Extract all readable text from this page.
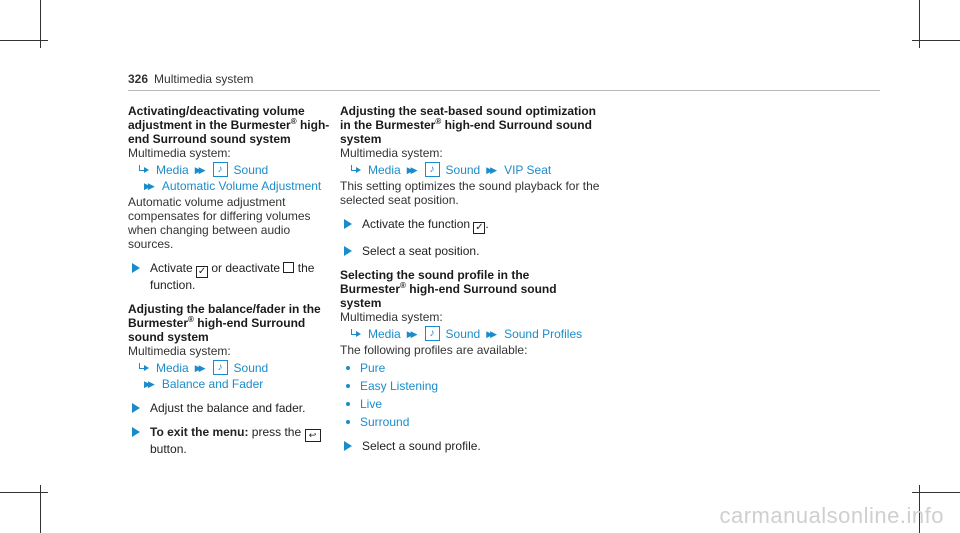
326 Multimedia system
Activating/deactivating volume adjustment in the Burmester® high-end Surround sound system
Multimedia system:
Media ▶▶	♪ Sound
▶▶ Automatic Volume Adjustment
Automatic volume adjustment compensates for differing volumes when changing between audio sources.
Activate ✓ or deactivate the function.
Adjusting the balance/fader in the Burmester® high-end Surround sound system
Multimedia system:
Media ▶▶	♪ Sound
▶▶ Balance and Fader
Adjust the balance and fader.
To exit the menu: press the ↩ button.
Adjusting the seat-based sound optimization in the Burmester® high-end Surround sound system
Multimedia system:
Media ▶▶	♪ Sound ▶▶ VIP Seat
This setting optimizes the sound playback for the selected seat position.
Activate the function ✓ .
Select a seat position.
Selecting the sound profile in the Burmester® high-end Surround sound system
Multimedia system:
Media ▶▶	♪ Sound ▶▶ Sound Profiles
The following profiles are available:
Pure
Easy Listening
Live
Surround
Select a sound profile.
carmanualsonline.info
